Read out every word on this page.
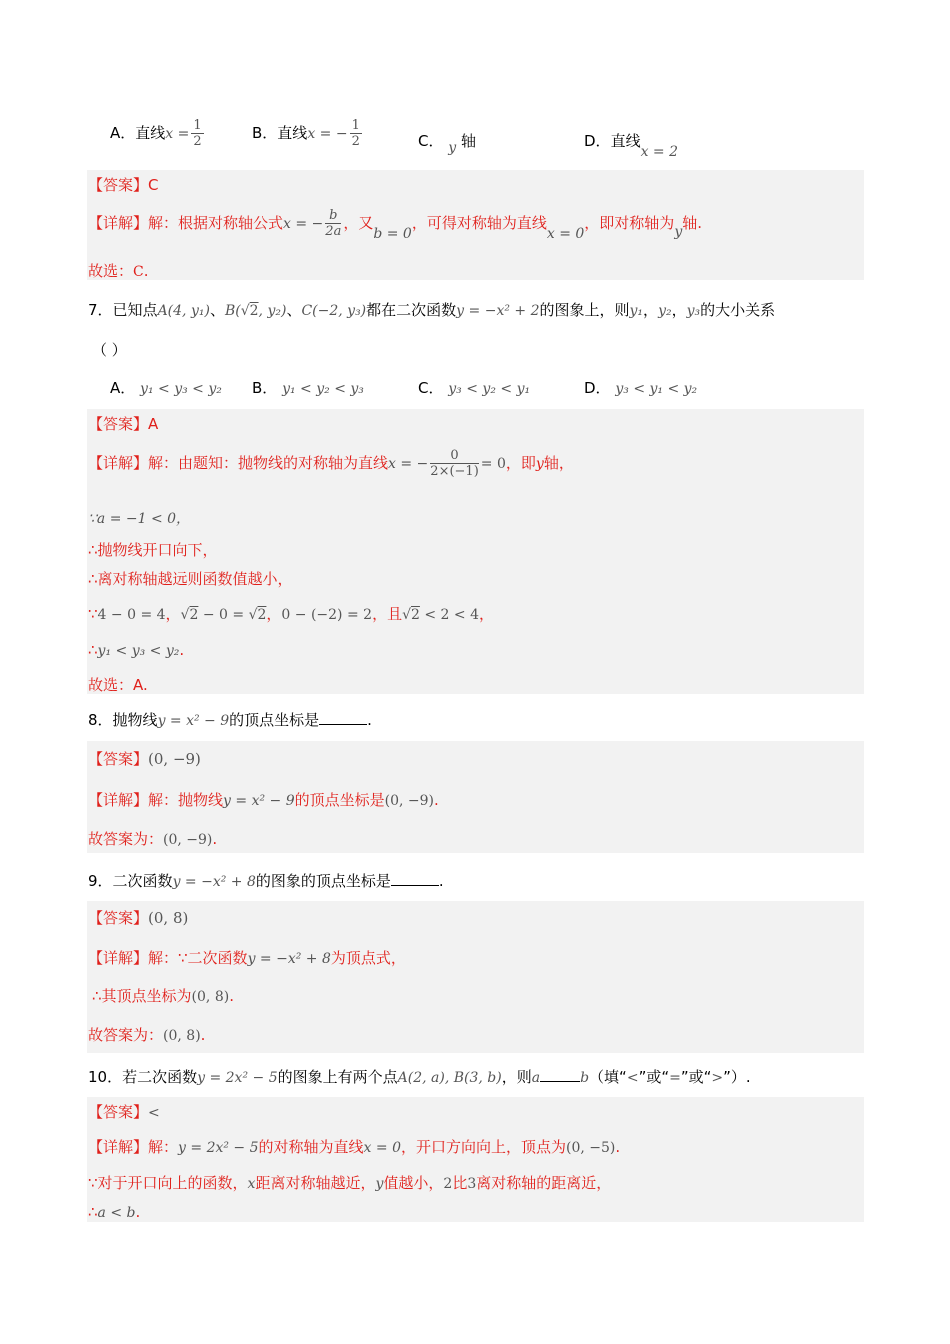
A．直线$x = \frac{1}{2}$	B．直线x = − $\frac{1}{2}$	C． y 轴	D．直线x = 2
【答案】C
【详解】解：根据对称轴公式x = − $\frac{b}{2a}$ ，又b = 0，可得对称轴为直线x = 0，即对称轴为y轴.
故选：C.
7．已知点A(4, y₁)、B(√2, y₂)、C(−2, y₃)都在二次函数y = −x² + 2的图象上，则y₁，y₂，y₃的大小关系
（ ）
A． y₁ < y₃ < y₂ B． y₁ < y₂ < y₃	C． y₃ < y₂ < y₁	D． y₃ < y₁ < y₂
【答案】A
【详解】解：由题知：抛物线的对称轴为直线x = − $\frac{0}{2\times(-1)} = 0$，即y轴，
∵a = −1 < 0，
∴抛物线开口向下，
∴离对称轴越远则函数值越小，
∵4 − 0 = 4，√2 − 0 = √2，0 − (−2) = 2，且√2 < 2 < 4，
∴y₁ < y₃ < y₂.
故选：A.
8．抛物线y = x² − 9的顶点坐标是	.
【答案】(0, −9)
【详解】解：抛物线y = x² − 9的顶点坐标是(0, −9).
故答案为：(0, −9).
9．二次函数y = −x² + 8的图象的顶点坐标是	.
【答案】(0, 8)
【详解】解：∵二次函数y = −x² + 8为顶点式，
∴其顶点坐标为(0, 8).
故答案为：(0, 8).
10．若二次函数y = 2x² − 5的图象上有两个点A(2, a), B(3, b)，则a	b（填“<”或“=”或“>”）.
【答案】<
【详解】解：y = 2x² − 5的对称轴为直线x = 0，开口方向向上，顶点为(0, −5).
∵对于开口向上的函数，x距离对称轴越近，y值越小，2比3离对称轴的距离近，
∴a < b.
